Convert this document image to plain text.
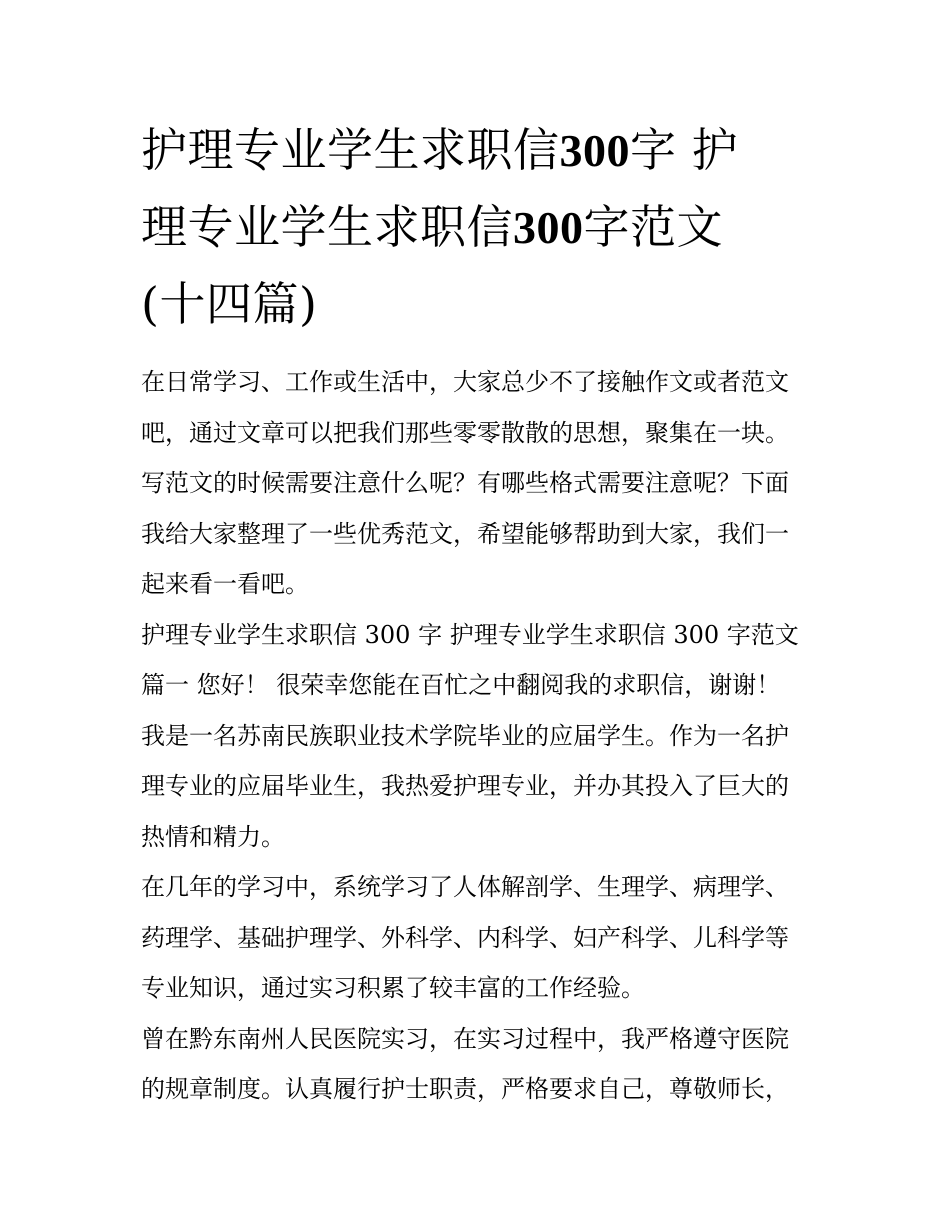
护理专业学生求职信300字 护
理专业学生求职信300字范文
(十四篇)

在日常学习、工作或生活中，大家总少不了接触作文或者范文
吧，通过文章可以把我们那些零零散散的思想，聚集在一块。
写范文的时候需要注意什么呢？有哪些格式需要注意呢？下面
我给大家整理了一些优秀范文，希望能够帮助到大家，我们一
起来看一看吧。

护理专业学生求职信 300 字 护理专业学生求职信 300 字范文
篇一 您好！ 很荣幸您能在百忙之中翻阅我的求职信，谢谢！
我是一名苏南民族职业技术学院毕业的应届学生。作为一名护
理专业的应届毕业生，我热爱护理专业，并办其投入了巨大的
热情和精力。

在几年的学习中，系统学习了人体解剖学、生理学、病理学、
药理学、基础护理学、外科学、内科学、妇产科学、儿科学等
专业知识，通过实习积累了较丰富的工作经验。

曾在黔东南州人民医院实习，在实习过程中，我严格遵守医院
的规章制度。认真履行护士职责，严格要求自己，尊敬师长，
